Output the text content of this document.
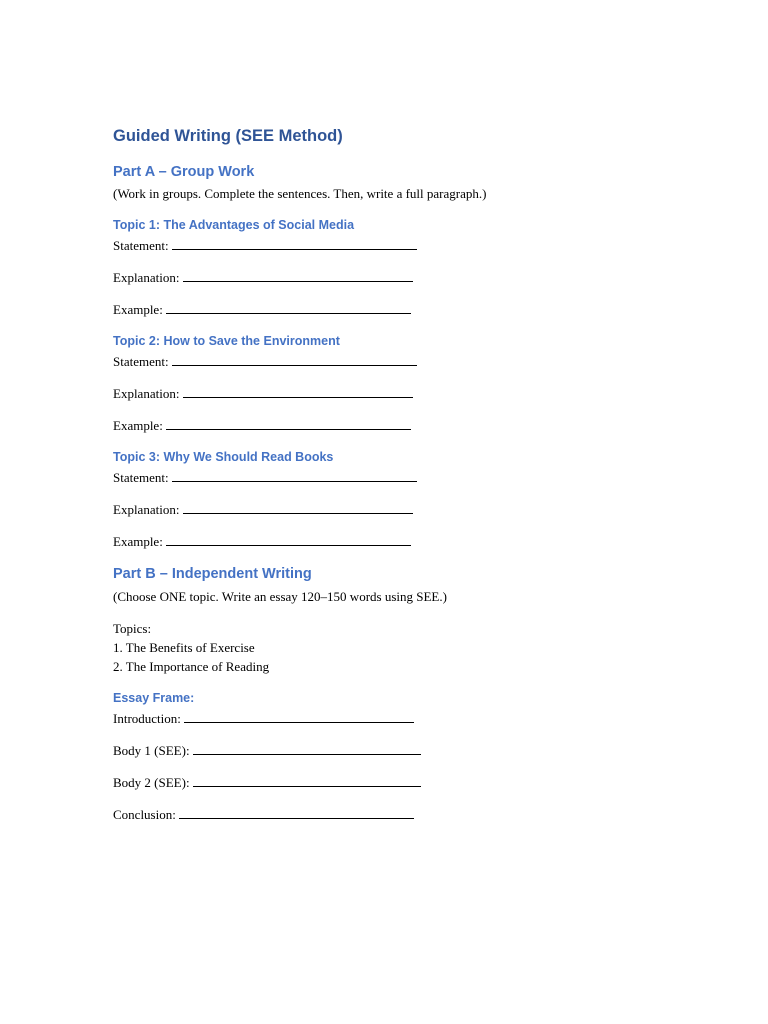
Guided Writing (SEE Method)
Part A – Group Work

(Work in groups. Complete the sentences. Then, write a full paragraph.)

Topic 1: The Advantages of Social Media

Statement:

Explanation:

Example:

Topic 2: How to Save the Environment

Statement:

Explanation:

Example:

Topic 3: Why We Should Read Books

Statement:

Explanation:

Example:

Part B – Independent Writing

(Choose ONE topic. Write an essay 120–150 words using SEE.)

Topics:

1. The Benefits of Exercise

2. The Importance of Reading

Essay Frame:

Introduction:

Body 1 (SEE):

Body 2 (SEE):

Conclusion:
